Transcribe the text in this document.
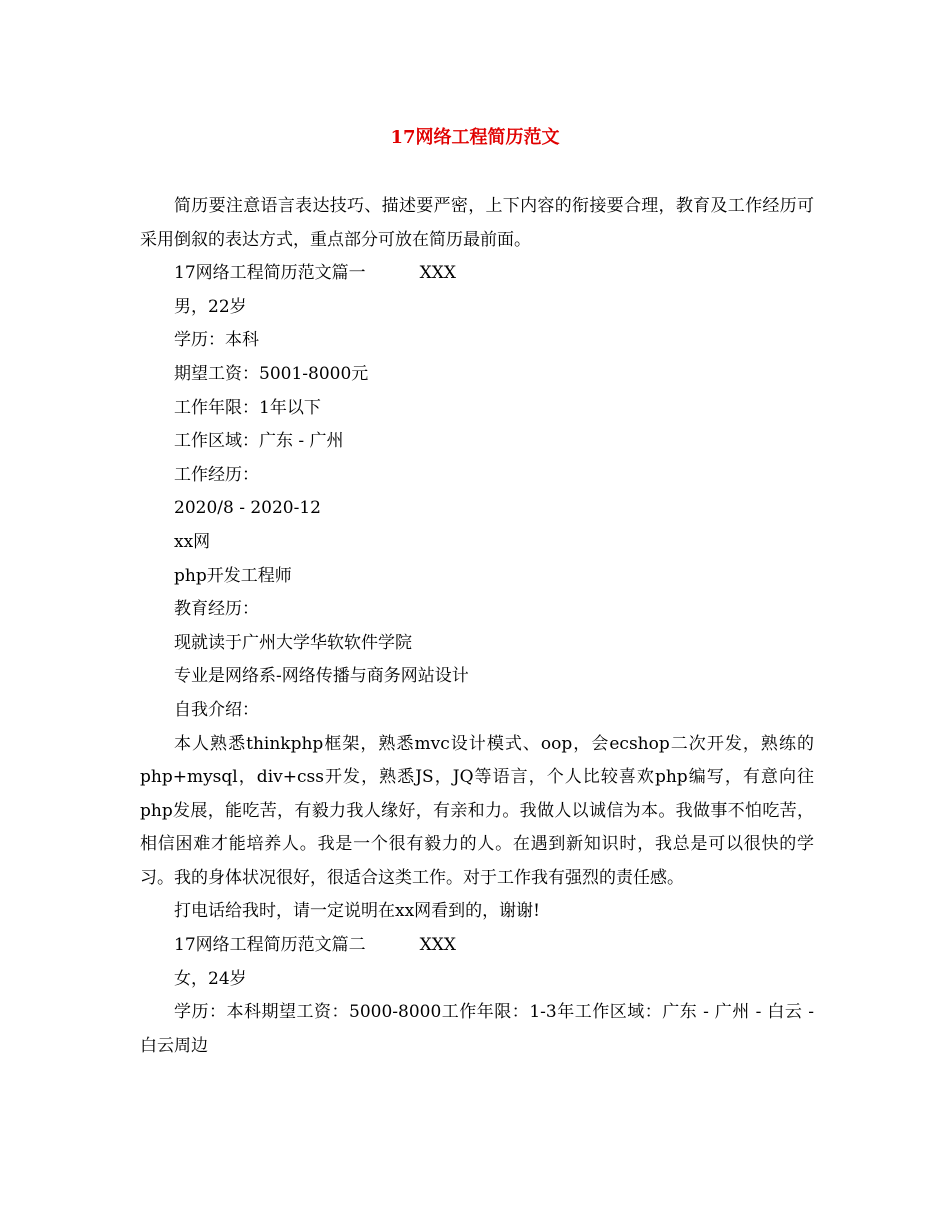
17网络工程简历范文

简历要注意语言表达技巧、描述要严密，上下内容的衔接要合理，教育及工作经历可采用倒叙的表达方式，重点部分可放在简历最前面。

17网络工程简历范文篇一	XXX

男，22岁

学历：本科

期望工资：5001-8000元

工作年限：1年以下

工作区域：广东 - 广州

工作经历：

2020/8 - 2020-12

xx网

php开发工程师

教育经历：

现就读于广州大学华软软件学院

专业是网络系-网络传播与商务网站设计

自我介绍：

本人熟悉thinkphp框架，熟悉mvc设计模式、oop，会ecshop二次开发，熟练的php+mysql，div+css开发，熟悉JS，JQ等语言，个人比较喜欢php编写，有意向往php发展，能吃苦，有毅力我人缘好，有亲和力。我做人以诚信为本。我做事不怕吃苦，相信困难才能培养人。我是一个很有毅力的人。在遇到新知识时，我总是可以很快的学习。我的身体状况很好，很适合这类工作。对于工作我有强烈的责任感。

打电话给我时，请一定说明在xx网看到的，谢谢!

17网络工程简历范文篇二	XXX

女，24岁

学历：本科期望工资：5000-8000工作年限：1-3年工作区域：广东 - 广州 - 白云 - 白云周边
